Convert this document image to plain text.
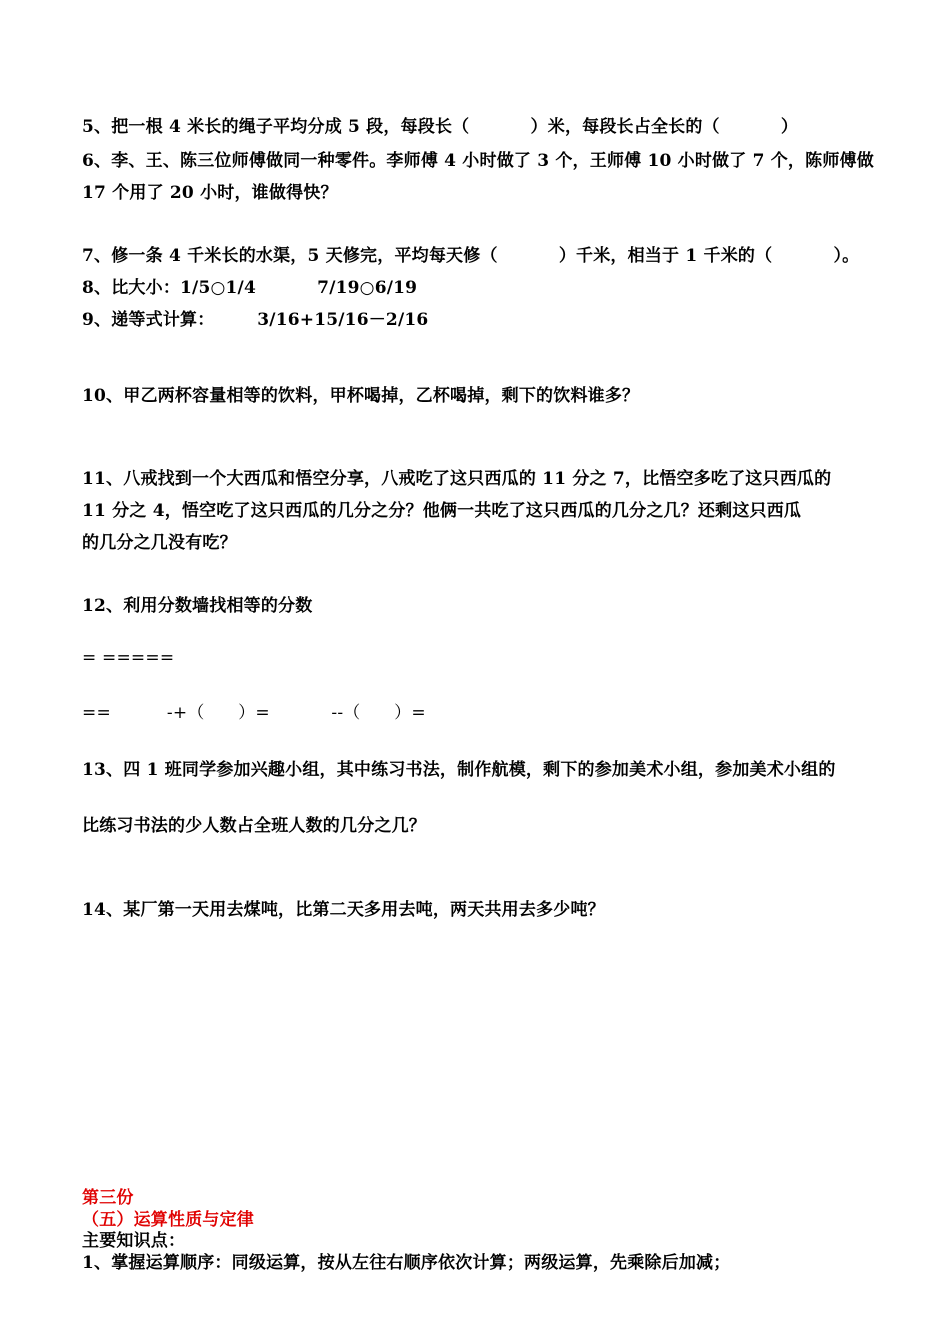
5、把一根 4 米长的绳子平均分成 5 段，每段长（          ）米，每段长占全长的（          ）
6、李、王、陈三位师傅做同一种零件。李师傅 4 小时做了 3 个，王师傅 10 小时做了 7 个，陈师傅做
17 个用了 20 小时，谁做得快？
7、修一条 4 千米长的水渠，5 天修完，平均每天修（          ）千米，相当于 1 千米的（          ）。
8、比大小：1/5○1/4          7/19○6/19
9、递等式计算：       3/16+15/16－2/16
10、甲乙两杯容量相等的饮料，甲杯喝掉，乙杯喝掉，剩下的饮料谁多？
11、八戒找到一个大西瓜和悟空分享，八戒吃了这只西瓜的 11 分之 7，比悟空多吃了这只西瓜的
11 分之 4，悟空吃了这只西瓜的几分之分？他俩一共吃了这只西瓜的几分之几？还剩这只西瓜
的几分之几没有吃？
12、利用分数墙找相等的分数
= =====
==          -+（      ）=           --（      ）=
13、四 1 班同学参加兴趣小组，其中练习书法，制作航模，剩下的参加美术小组，参加美术小组的
比练习书法的少人数占全班人数的几分之几？
14、某厂第一天用去煤吨，比第二天多用去吨，两天共用去多少吨？
第三份
（五）运算性质与定律
主要知识点：
1、掌握运算顺序：同级运算，按从左往右顺序依次计算；两级运算，先乘除后加减；
